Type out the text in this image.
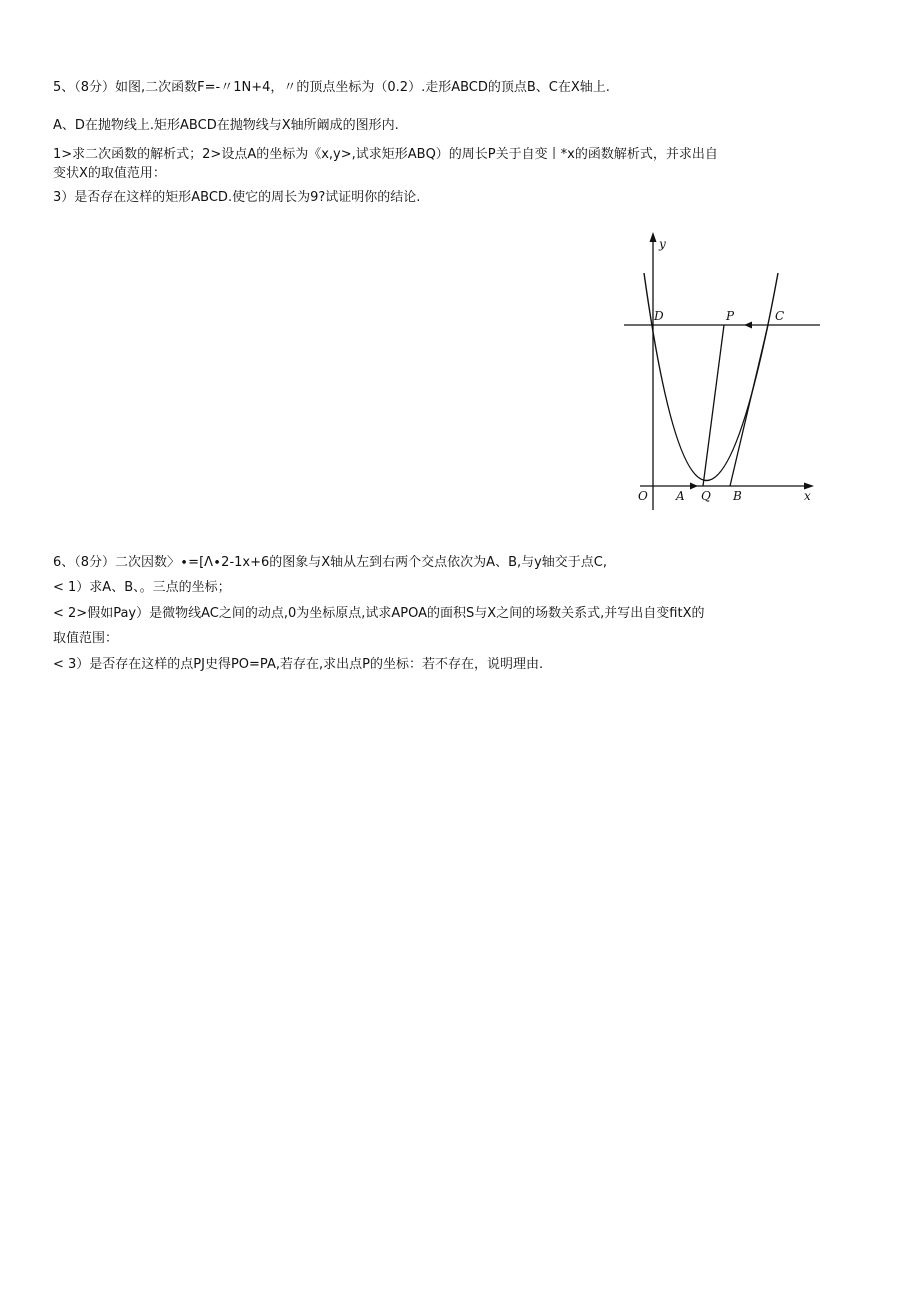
5、（8分）如图,二次函数F=-〃1N+4，〃的顶点坐标为（0.2）.走形ABCD的顶点B、C在X轴上.
A、D在抛物线上.矩形ABCD在抛物线与X轴所阚成的图形内.
1>求二次函数的解析式；2>设点A的坐标为《x,y>,试求矩形ABQ）的周长P关于自变丨*x的函数解析式，并求出自
变状X的取值范用：
3）是否存在这样的矩形ABCD.使它的周长为9?试证明你的结论.
y
x
O A Q B
D	P	C
6、（8分）二次因数〉∙=[Λ∙2-1x+6的图象与X轴从左到右两个交点依次为A、B,与y轴交于点C,
< 1）求A、B、。三点的坐标；
< 2>假如Pay）是微物线AC之间的动点,0为坐标原点,试求APOA的面积S与X之间的场数关系式,并写出自变fitX的
取值范围：
< 3）是否存在这样的点PJ史得PO=PA,若存在,求出点P的坐标：若不存在，说明理由.
